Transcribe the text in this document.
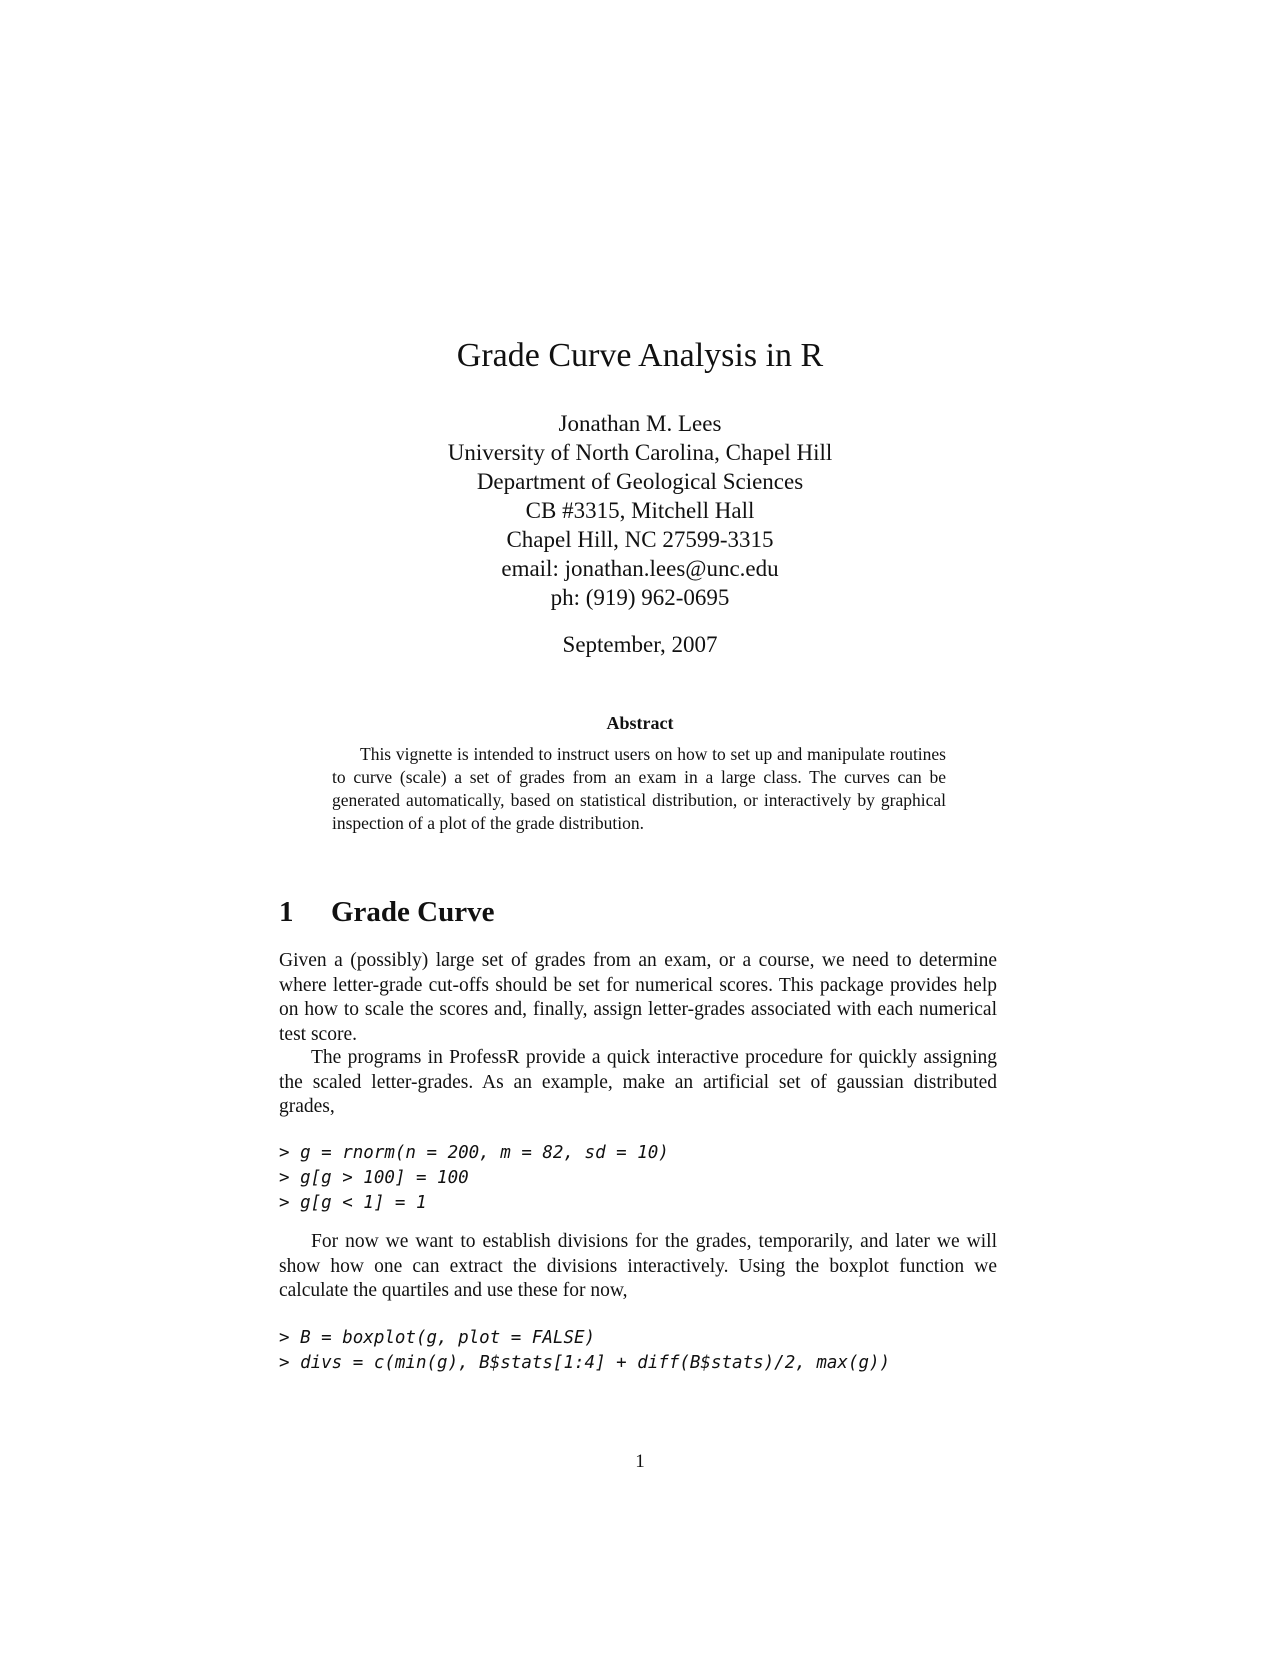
Grade Curve Analysis in R
Jonathan M. Lees
University of North Carolina, Chapel Hill
Department of Geological Sciences
CB #3315, Mitchell Hall
Chapel Hill, NC 27599-3315
email: jonathan.lees@unc.edu
ph: (919) 962-0695
September, 2007
Abstract
This vignette is intended to instruct users on how to set up and manipulate routines to curve (scale) a set of grades from an exam in a large class. The curves can be generated automatically, based on statistical distribution, or interactively by graphical inspection of a plot of the grade distribution.
1 Grade Curve
Given a (possibly) large set of grades from an exam, or a course, we need to determine where letter-grade cut-offs should be set for numerical scores. This package provides help on how to scale the scores and, finally, assign letter-grades associated with each numerical test score.
The programs in ProfessR provide a quick interactive procedure for quickly assigning the scaled letter-grades. As an example, make an artificial set of gaussian distributed grades,
> g = rnorm(n = 200, m = 82, sd = 10)
> g[g > 100] = 100
> g[g < 1] = 1
For now we want to establish divisions for the grades, temporarily, and later we will show how one can extract the divisions interactively. Using the boxplot function we calculate the quartiles and use these for now,
> B = boxplot(g, plot = FALSE)
> divs = c(min(g), B$stats[1:4] + diff(B$stats)/2, max(g))
1
